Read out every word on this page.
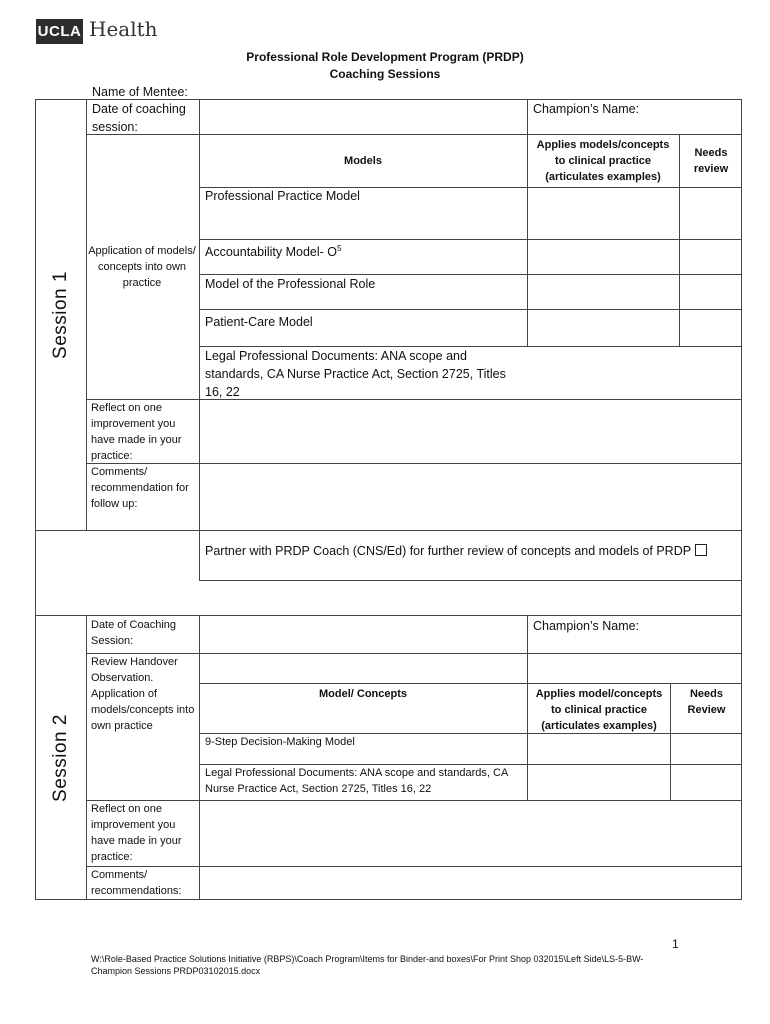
UCLA Health
Professional Role Development Program (PRDP)
Coaching Sessions
Name of Mentee:
Session 1
Date of coaching session:
Champion’s Name:
Models
Applies models/concepts to clinical practice (articulates examples)
Needs review
Application of models/ concepts into own practice
Professional Practice Model
Accountability Model- $O^5$
Model of the Professional Role
Patient-Care Model
Legal Professional Documents: ANA scope and standards, CA Nurse Practice Act, Section 2725, Titles 16, 22
Reflect on one improvement you have made in your practice:
Comments/ recommendation for follow up:
Partner with PRDP Coach (CNS/Ed) for further review of concepts and models of PRDP
Session 2
Date of Coaching Session:
Champion’s Name:
Review Handover Observation.
Application of models/concepts into own practice
Model/ Concepts	Applies model/concepts to clinical practice (articulates examples)
Needs Review
9-Step Decision-Making Model
Legal Professional Documents: ANA scope and standards, CA Nurse Practice Act, Section 2725, Titles 16, 22
Reflect on one improvement you have made in your practice:
Comments/ recommendations:
1
W:\Role-Based Practice Solutions Initiative (RBPS)\Coach Program\Items for Binder-and boxes\For Print Shop 032015\Left Side\LS-5-BW-Champion Sessions PRDP03102015.docx
